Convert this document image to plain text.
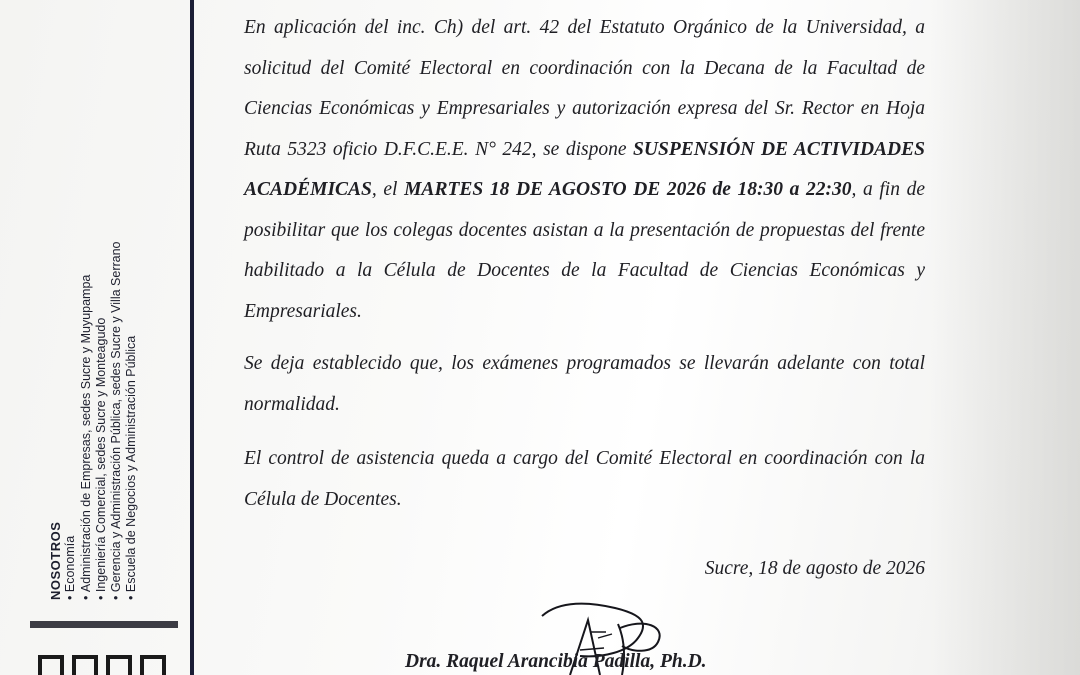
NOSOTROS • Economía • Administración de Empresas, sedes Sucre y Muyupampa • Ingeniería Comercial, sedes Sucre y Monteagudo • Gerencia y Administración Pública, sedes Sucre y Villa Serrano • Escuela de Negocios y Administración Pública

En aplicación del inc. Ch) del art. 42 del Estatuto Orgánico de la Universidad, a solicitud del Comité Electoral en coordinación con la Decana de la Facultad de Ciencias Económicas y Empresariales y autorización expresa del Sr. Rector en Hoja Ruta 5323 oficio D.F.C.E.E. N° 242, se dispone SUSPENSIÓN DE ACTIVIDADES ACADÉMICAS, el MARTES 18 DE AGOSTO DE 2026 de 18:30 a 22:30, a fin de posibilitar que los colegas docentes asistan a la presentación de propuestas del frente habilitado a la Célula de Docentes de la Facultad de Ciencias Económicas y Empresariales.

Se deja establecido que, los exámenes programados se llevarán adelante con total normalidad.

El control de asistencia queda a cargo del Comité Electoral en coordinación con la Célula de Docentes.

Sucre, 18 de agosto de 2026
Dra. Raquel Arancibia Padilla, Ph.D.
